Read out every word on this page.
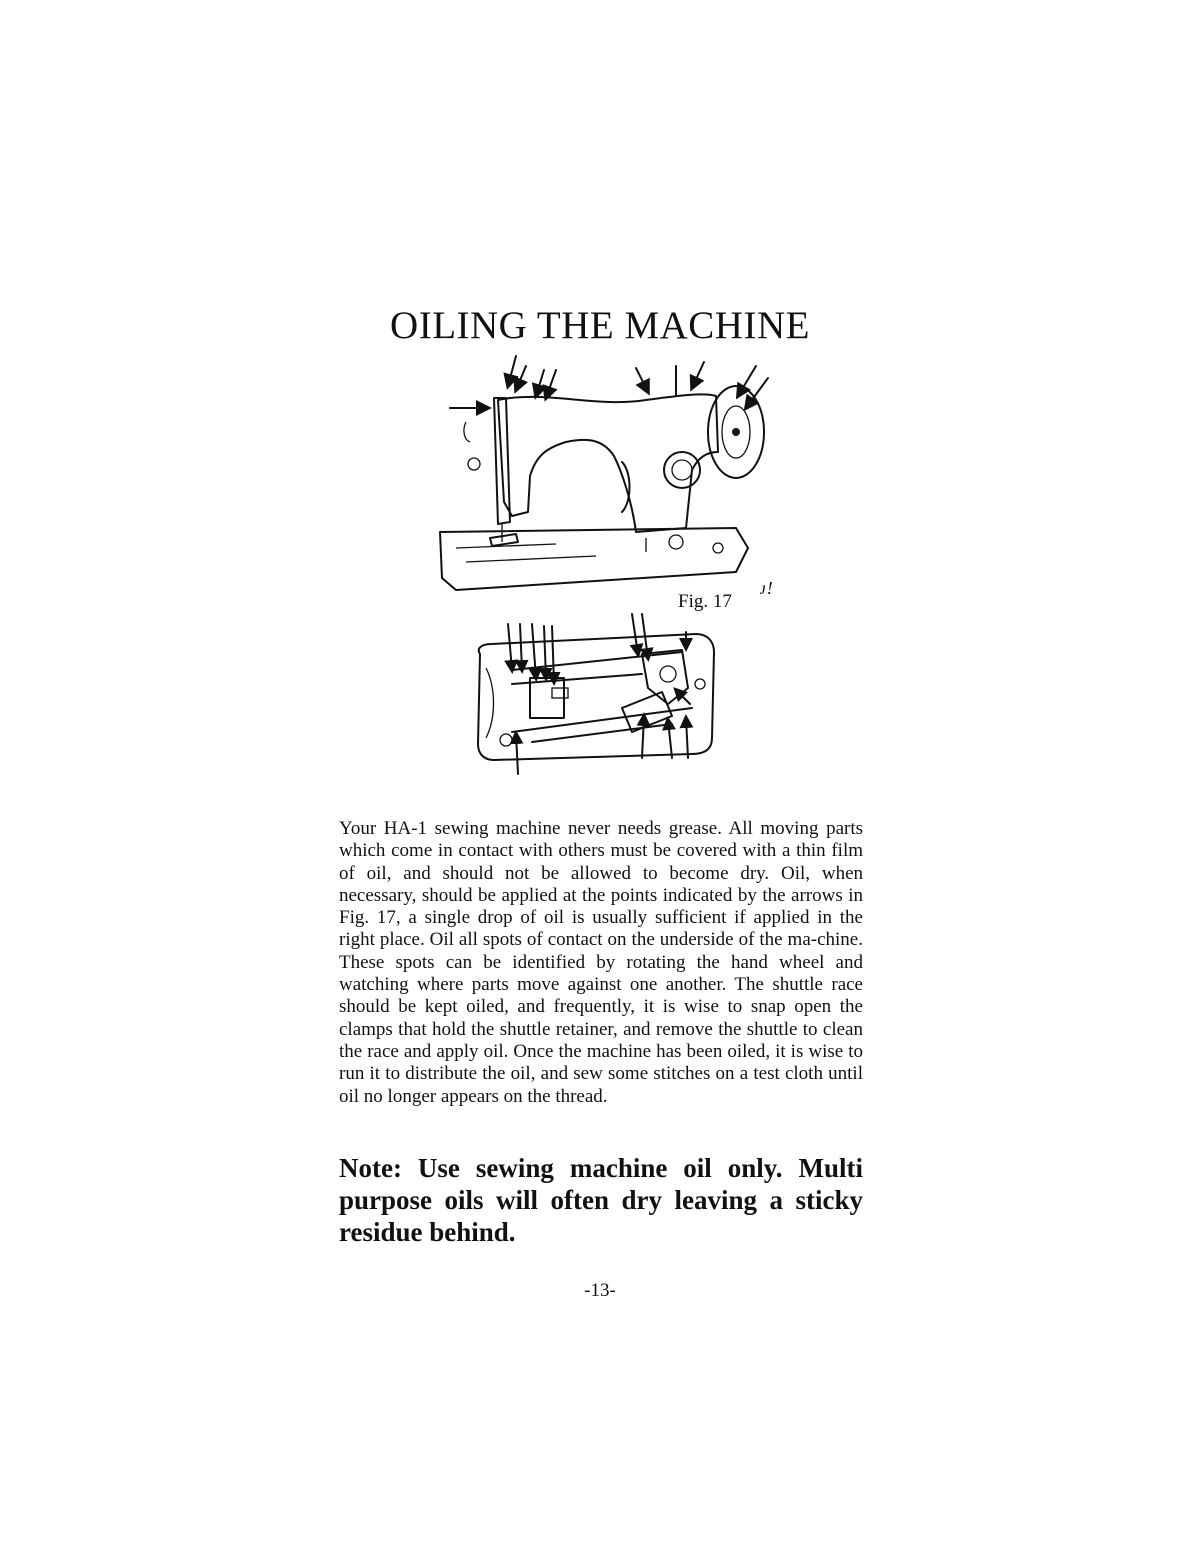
OILING THE MACHINE
Fig. 17
ᴊ!

Your HA-1 sewing machine never needs grease. All moving parts which come in contact with others must be covered with a thin film of oil, and should not be allowed to become dry. Oil, when necessary, should be applied at the points indicated by the arrows in Fig. 17, a single drop of oil is usually sufficient if applied in the right place. Oil all spots of contact on the underside of the ma-chine. These spots can be identified by rotating the hand wheel and watching where parts move against one another. The shuttle race should be kept oiled, and frequently, it is wise to snap open the clamps that hold the shuttle retainer, and remove the shuttle to clean the race and apply oil. Once the machine has been oiled, it is wise to run it to distribute the oil, and sew some stitches on a test cloth until oil no longer appears on the thread.

Note: Use sewing machine oil only. Multi purpose oils will often dry leaving a sticky residue behind.

-13-
